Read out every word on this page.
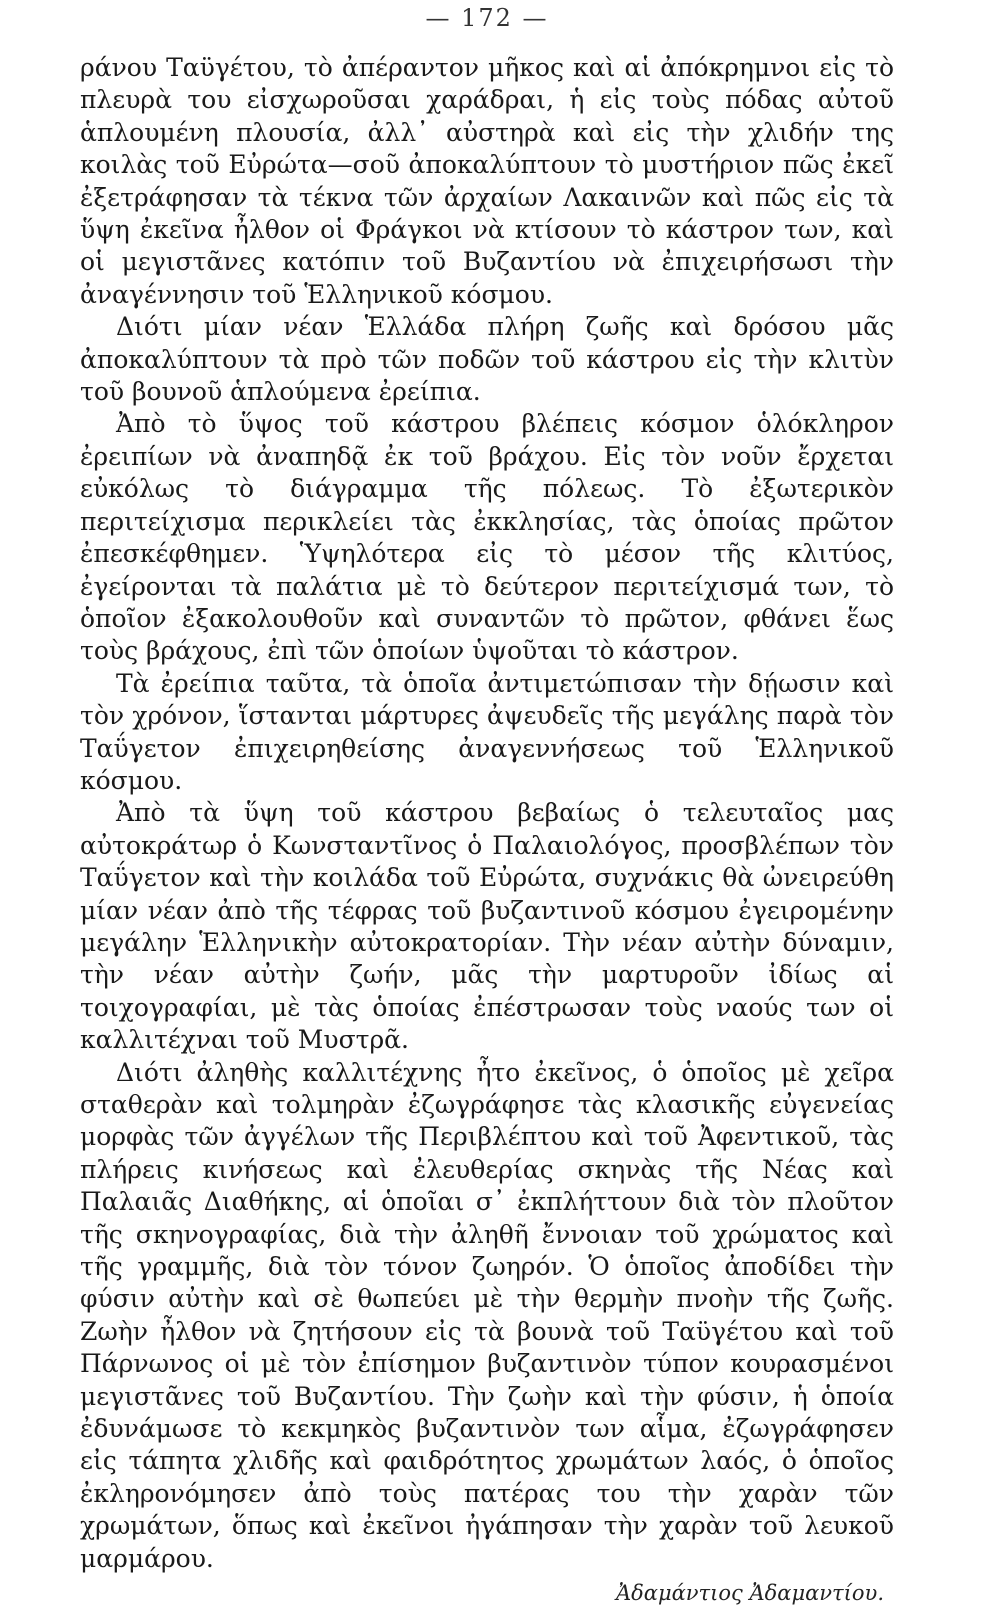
— 172 —

ράνου Ταϋγέτου, τὸ ἀπέραντον μῆκος καὶ αἱ ἀπόκρημνοι εἰς τὸ πλευρὰ του εἰσχωροῦσαι χαράδραι, ἡ εἰς τοὺς πόδας αὐτοῦ ἁπλουμένη πλουσία, ἀλλ᾽ αὐστηρὰ καὶ εἰς τὴν χλιδήν της κοιλὰς τοῦ Εὐρώτα—σοῦ ἀποκαλύπτουν τὸ μυστήριον πῶς ἐκεῖ ἐξετράφησαν τὰ τέκνα τῶν ἀρχαίων Λακαινῶν καὶ πῶς εἰς τὰ ὕψη ἐκεῖνα ἦλθον οἱ Φράγκοι νὰ κτίσουν τὸ κάστρον των, καὶ οἱ μεγιστᾶνες κατόπιν τοῦ Βυζαντίου νὰ ἐπιχειρήσωσι τὴν ἀναγέννησιν τοῦ Ἑλληνικοῦ κόσμου.

Διότι μίαν νέαν Ἑλλάδα πλήρη ζωῆς καὶ δρόσου μᾶς ἀποκαλύπτουν τὰ πρὸ τῶν ποδῶν τοῦ κάστρου εἰς τὴν κλιτὺν τοῦ βουνοῦ ἁπλούμενα ἐρείπια.

Ἀπὸ τὸ ὕψος τοῦ κάστρου βλέπεις κόσμον ὁλόκληρον ἐρειπίων νὰ ἀναπηδᾷ ἐκ τοῦ βράχου. Εἰς τὸν νοῦν ἔρχεται εὐκόλως τὸ διάγραμμα τῆς πόλεως. Τὸ ἐξωτερικὸν περιτείχισμα περικλείει τὰς ἐκκλησίας, τὰς ὁποίας πρῶτον ἐπεσκέφθημεν. Ὑψηλότερα εἰς τὸ μέσον τῆς κλιτύος, ἐγείρονται τὰ παλάτια μὲ τὸ δεύτερον περιτείχισμά των, τὸ ὁποῖον ἐξακολουθοῦν καὶ συναντῶν τὸ πρῶτον, φθάνει ἕως τοὺς βράχους, ἐπὶ τῶν ὁποίων ὑψοῦται τὸ κάστρον.

Τὰ ἐρείπια ταῦτα, τὰ ὁποῖα ἀντιμετώπισαν τὴν δῄωσιν καὶ τὸν χρόνον, ἵστανται μάρτυρες ἀψευδεῖς τῆς μεγάλης παρὰ τὸν Ταΰγετον ἐπιχειρηθείσης ἀναγεννήσεως τοῦ Ἑλληνικοῦ κόσμου.

Ἀπὸ τὰ ὕψη τοῦ κάστρου βεβαίως ὁ τελευταῖος μας αὐτοκράτωρ ὁ Κωνσταντῖνος ὁ Παλαιολόγος, προσβλέπων τὸν Ταΰγετον καὶ τὴν κοιλάδα τοῦ Εὐρώτα, συχνάκις θὰ ὠνειρεύθη μίαν νέαν ἀπὸ τῆς τέφρας τοῦ βυζαντινοῦ κόσμου ἐγειρομένην μεγάλην Ἑλληνικὴν αὐτοκρατορίαν. Τὴν νέαν αὐτὴν δύναμιν, τὴν νέαν αὐτὴν ζωήν, μᾶς τὴν μαρτυροῦν ἰδίως αἱ τοιχογραφίαι, μὲ τὰς ὁποίας ἐπέστρωσαν τοὺς ναούς των οἱ καλλιτέχναι τοῦ Μυστρᾶ.

Διότι ἀληθὴς καλλιτέχνης ἦτο ἐκεῖνος, ὁ ὁποῖος μὲ χεῖρα σταθερὰν καὶ τολμηρὰν ἐζωγράφησε τὰς κλασικῆς εὐγενείας μορφὰς τῶν ἀγγέλων τῆς Περιβλέπτου καὶ τοῦ Ἀφεντικοῦ, τὰς πλήρεις κινήσεως καὶ ἐλευθερίας σκηνὰς τῆς Νέας καὶ Παλαιᾶς Διαθήκης, αἱ ὁποῖαι σ᾽ ἐκπλήττουν διὰ τὸν πλοῦτον τῆς σκηνογραφίας, διὰ τὴν ἀληθῆ ἔννοιαν τοῦ χρώματος καὶ τῆς γραμμῆς, διὰ τὸν τόνον ζωηρόν. Ὁ ὁποῖος ἀποδίδει τὴν φύσιν αὐτὴν καὶ σὲ θωπεύει μὲ τὴν θερμὴν πνοὴν τῆς ζωῆς. Ζωὴν ἦλθον νὰ ζητήσουν εἰς τὰ βουνὰ τοῦ Ταϋγέτου καὶ τοῦ Πάρνωνος οἱ μὲ τὸν ἐπίσημον βυζαντινὸν τύπον κουρασμένοι μεγιστᾶνες τοῦ Βυζαντίου. Τὴν ζωὴν καὶ τὴν φύσιν, ἡ ὁποία ἐδυνάμωσε τὸ κεκμηκὸς βυζαντινὸν των αἷμα, ἐζωγράφησεν εἰς τάπητα χλιδῆς καὶ φαιδρότητος χρωμάτων λαός, ὁ ὁποῖος ἐκληρονόμησεν ἀπὸ τοὺς πατέρας του τὴν χαρὰν τῶν χρωμάτων, ὅπως καὶ ἐκεῖνοι ἠγάπησαν τὴν χαρὰν τοῦ λευκοῦ μαρμάρου.

Ἀδαμάντιος Ἀδαμαντίου.
